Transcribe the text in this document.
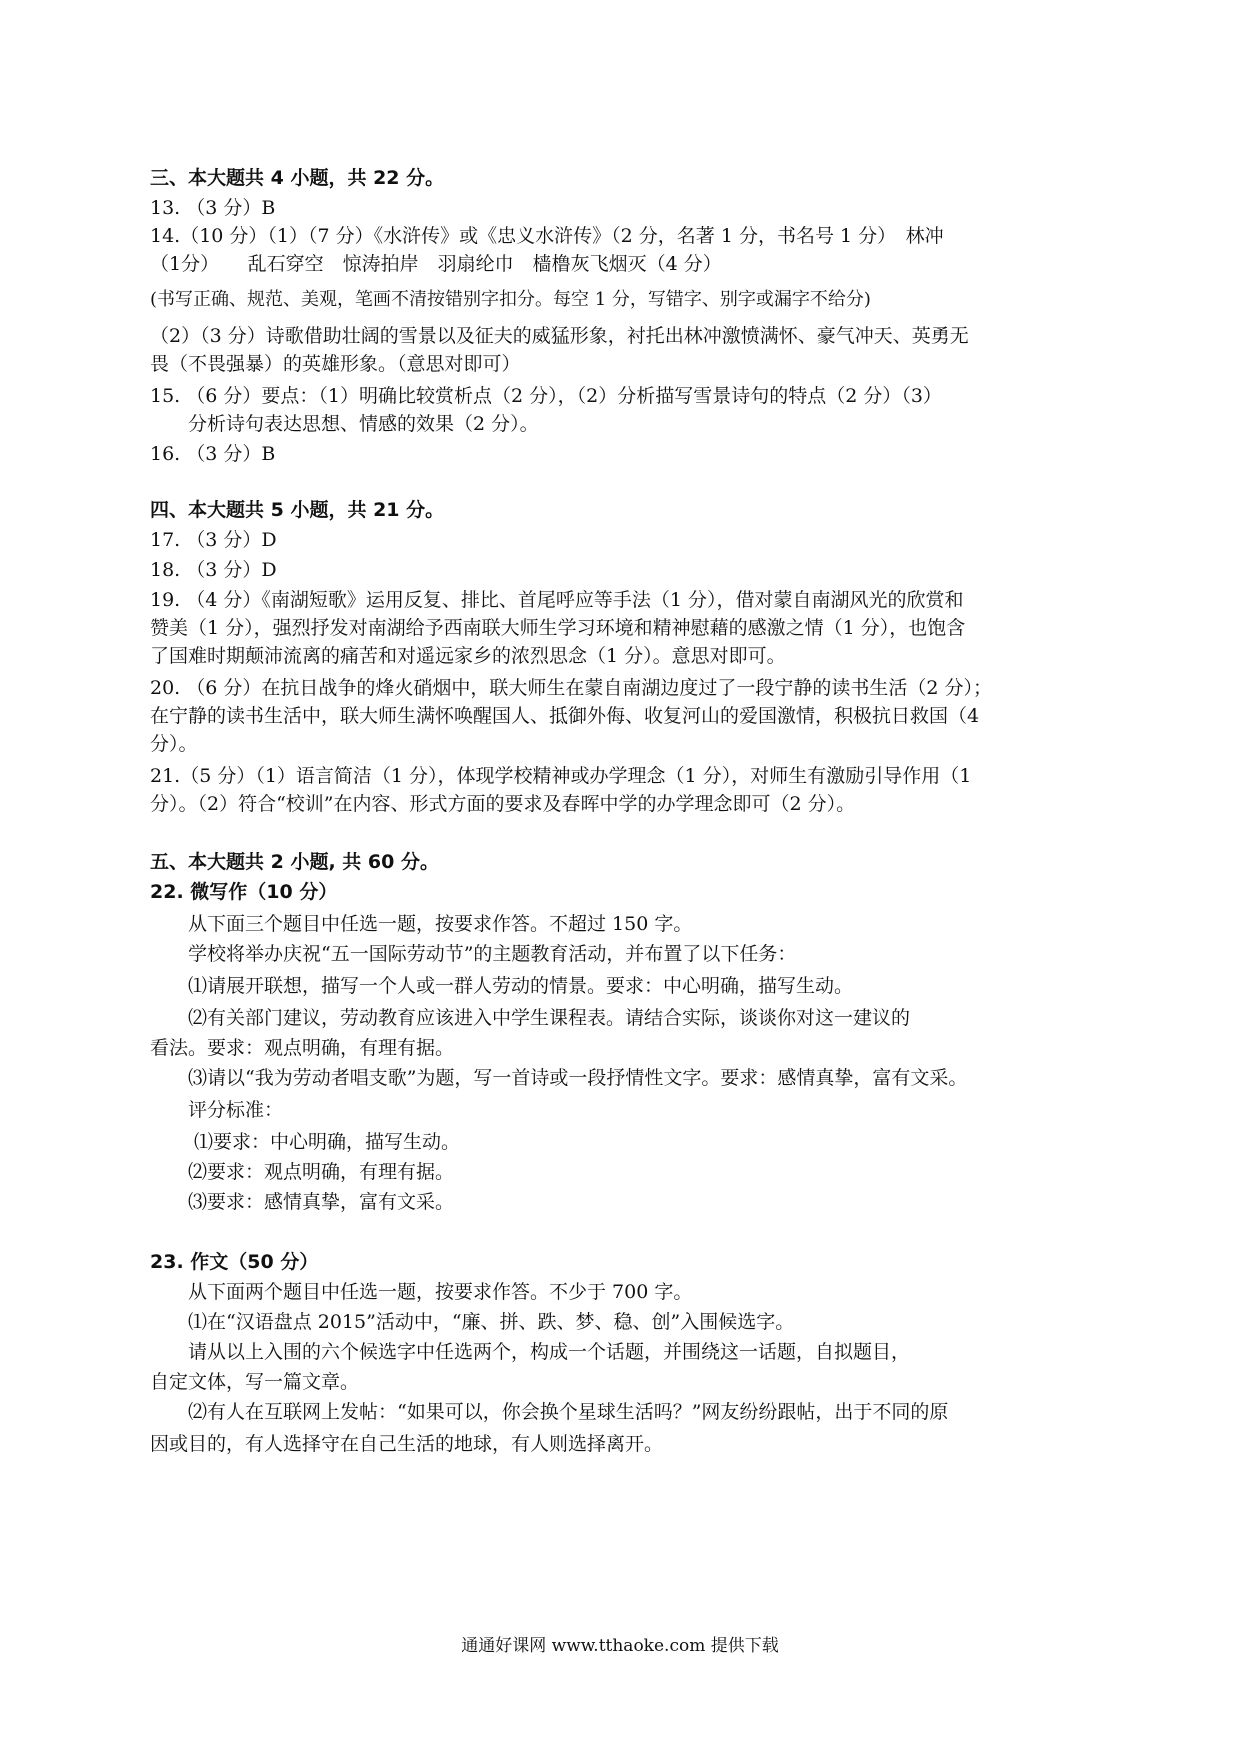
三、本大题共 4 小题，共 22 分。
13. （3 分）B
14.（10 分）（1）（7 分）《水浒传》或《忠义水浒传》（2 分，名著 1 分，书名号 1 分）　林冲
（1分）　　乱石穿空　惊涛拍岸　羽扇纶巾　樯橹灰飞烟灭（4 分）
(书写正确、规范、美观，笔画不清按错别字扣分。每空 1 分，写错字、别字或漏字不给分)
（2）（3 分）诗歌借助壮阔的雪景以及征夫的威猛形象，衬托出林冲激愤满怀、豪气冲天、英勇无
畏（不畏强暴）的英雄形象。（意思对即可）
15. （6 分）要点：（1）明确比较赏析点（2 分），（2）分析描写雪景诗句的特点（2 分）（3）
　　分析诗句表达思想、情感的效果（2 分）。
16. （3 分）B
四、本大题共 5 小题，共 21 分。
17. （3 分）D
18. （3 分）D
19. （4 分）《南湖短歌》运用反复、排比、首尾呼应等手法（1 分），借对蒙自南湖风光的欣赏和
赞美（1 分），强烈抒发对南湖给予西南联大师生学习环境和精神慰藉的感激之情（1 分），也饱含
了国难时期颠沛流离的痛苦和对遥远家乡的浓烈思念（1 分）。意思对即可。
20. （6 分）在抗日战争的烽火硝烟中，联大师生在蒙自南湖边度过了一段宁静的读书生活（2 分）；
在宁静的读书生活中，联大师生满怀唤醒国人、抵御外侮、收复河山的爱国激情，积极抗日救国（4
分）。
21.（5 分）（1）语言简洁（1 分），体现学校精神或办学理念（1 分），对师生有激励引导作用（1
分）。（2）符合“校训”在内容、形式方面的要求及春晖中学的办学理念即可（2 分）。
五、本大题共 2 小题, 共 60 分。
22. 微写作（10 分）
　　从下面三个题目中任选一题，按要求作答。不超过 150 字。
　　学校将举办庆祝“五一国际劳动节”的主题教育活动，并布置了以下任务：
　　⑴请展开联想，描写一个人或一群人劳动的情景。要求：中心明确，描写生动。
　　⑵有关部门建议，劳动教育应该进入中学生课程表。请结合实际，谈谈你对这一建议的
看法。要求：观点明确，有理有据。
　　⑶请以“我为劳动者唱支歌”为题，写一首诗或一段抒情性文字。要求：感情真挚，富有文采。
　　评分标准：
　　 ⑴要求：中心明确，描写生动。
　　⑵要求：观点明确，有理有据。
　　⑶要求：感情真挚，富有文采。
23. 作文（50 分）
　　从下面两个题目中任选一题，按要求作答。不少于 700 字。
　　⑴在“汉语盘点 2015”活动中，“廉、拼、跌、梦、稳、创”入围候选字。
　　请从以上入围的六个候选字中任选两个，构成一个话题，并围绕这一话题，自拟题目，
自定文体，写一篇文章。
　　⑵有人在互联网上发帖：“如果可以，你会换个星球生活吗？”网友纷纷跟帖，出于不同的原
因或目的，有人选择守在自己生活的地球，有人则选择离开。
通通好课网 www.tthaoke.com 提供下载
